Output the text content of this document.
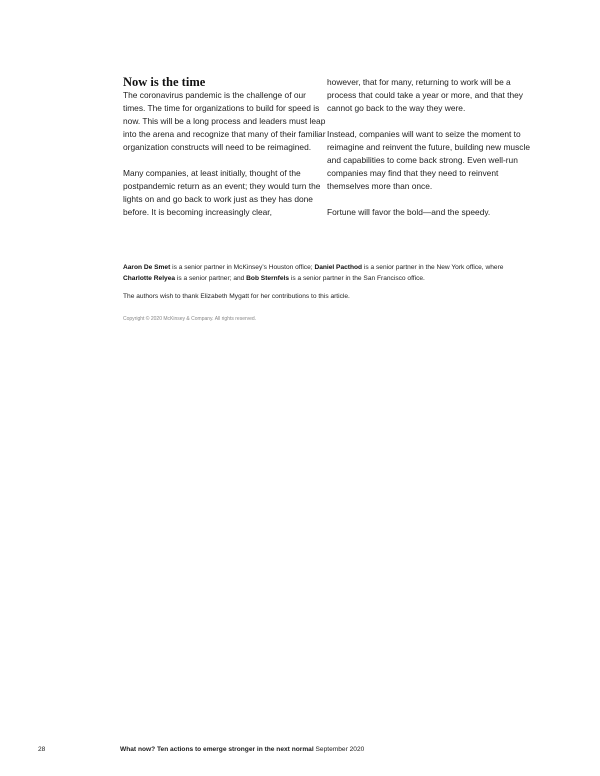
Now is the time

The coronavirus pandemic is the challenge of our times. The time for organizations to build for speed is now. This will be a long process and leaders must leap into the arena and recognize that many of their familiar organization constructs will need to be reimagined.

Many companies, at least initially, thought of the postpandemic return as an event; they would turn the lights on and go back to work just as they has done before. It is becoming increasingly clear,

however, that for many, returning to work will be a process that could take a year or more, and that they cannot go back to the way they were.

Instead, companies will want to seize the moment to reimagine and reinvent the future, building new muscle and capabilities to come back strong. Even well-run companies may find that they need to reinvent themselves more than once.

Fortune will favor the bold—and the speedy.

Aaron De Smet is a senior partner in McKinsey’s Houston office; Daniel Pacthod is a senior partner in the New York office, where Charlotte Relyea is a senior partner; and Bob Sternfels is a senior partner in the San Francisco office.
The authors wish to thank Elizabeth Mygatt for her contributions to this article.
Copyright © 2020 McKinsey & Company. All rights reserved.
28	What now? Ten actions to emerge stronger in the next normal September 2020
